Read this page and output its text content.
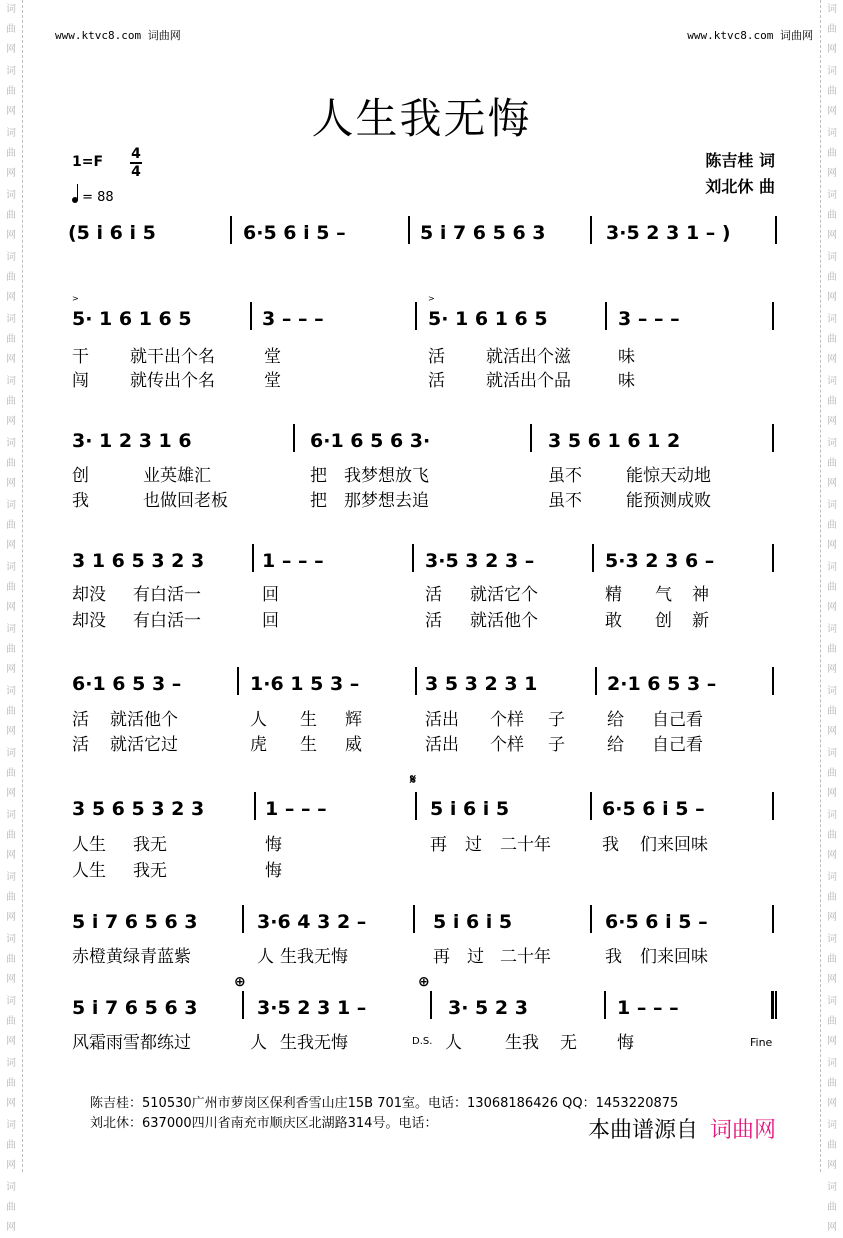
词
曲
网
词
曲
网
词
曲
网
词
曲
网
词
曲
网
词
曲
网
词
曲
网
词
曲
网
词
曲
网
词
曲
网
词
曲
网
词
曲
网
词
曲
网
词
曲
网
词
曲
网
词
曲
网
词
曲
网
词
曲
网
词
曲
网
词
曲
网
词
曲
网
词
曲
网
词
曲
网
词
曲
网
词
曲
网
词
曲
网
词
曲
网
词
曲
网
词
曲
网
词
曲
网
词
曲
网
词
曲
网
词
曲
网
词
曲
网
词
曲
网
词
曲
网
词
曲
网
词
曲
网
词
曲
网
词
曲
网
www.ktvc8.com 词曲网	www.ktvc8.com 词曲网
人生我无悔
1=F 4
4
= 88
陈吉桂 词
刘北休 曲
(5 i 6 i 5	6·5 6 i 5 –	5 i 7 6 5 6 3	3·5 2 3 1 – )
5· 1 6 1 6 5	3 – – –	5· 1 6 1 6 5	3 – – –
干 就干出个名	堂	活 就活出个滋	味
闯 就传出个名	堂	活 就活出个品	味
3· 1 2 3 1 6	6·1 6 5 6 3·	3 5 6 1 6 1 2
创	业英雄汇	把 我梦想放飞	虽不	能惊天动地
我	也做回老板	把 那梦想去追	虽不	能预测成败
3 1 6 5 3 2 3	1 – – –	3·5 3 2 3 –	5·3 2 3 6 –
却没 有白活一	回	活 就活它个	精 气 神
却没 有白活一	回	活 就活他个	敢 创 新
6·1 6 5 3 –	1·6 1 5 3 –	3 5 3 2 3 1	2·1 6 5 3 –
活 就活他个	人 生 辉	活出 个样 子 给 自己看
活 就活它过	虎 生 威	活出 个样 子 给 自己看
3 5 6 5 3 2 3	1 – – –	5 i 6 i 5	6·5 6 i 5 –
人生 我无	悔	再 过 二十年	我 们来回味
人生 我无	悔
5 i 7 6 5 6 3	3·6 4 3 2 –	5 i 6 i 5	6·5 6 i 5 –
赤橙黄绿青蓝紫	人 生我无悔	再 过 二十年	我 们来回味
5 i 7 6 5 6 3	3·5 2 3 1 –	3· 5 2 3	1 – – –
风霜雨雪都练过	人 生我无悔	人	生我 无 悔
𝄋
⊕	⊕
D.S.	Fine
>	>
陈吉桂：510530广州市萝岗区保利香雪山庄15B 701室。电话：13068186426 QQ：1453220875
刘北休：637000四川省南充市顺庆区北湖路314号。电话：	本曲谱源自 词曲网
